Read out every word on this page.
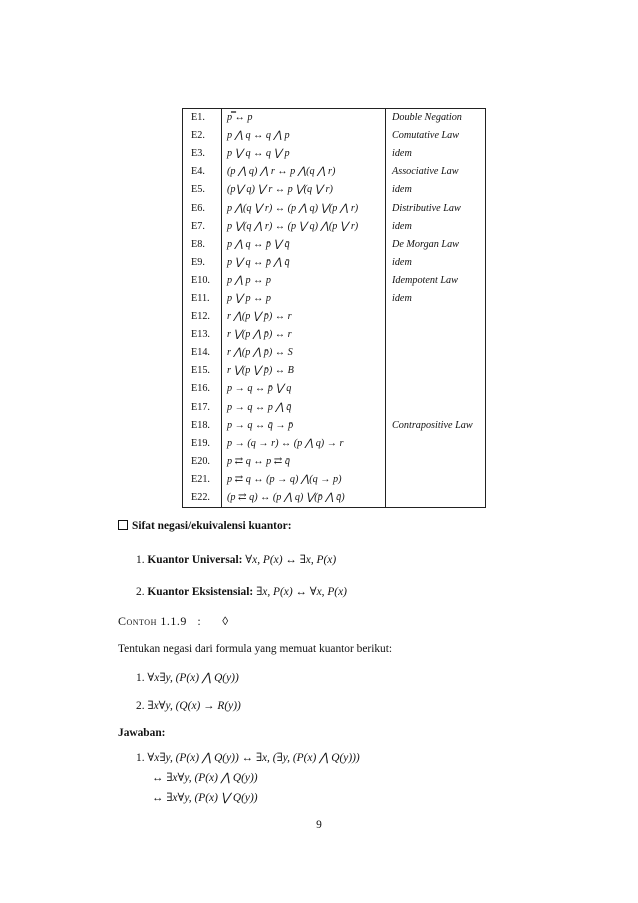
E1.	p̿ ↔ p	Double Negation
E2.	p ⋀ q ↔ q ⋀ p	Comutative Law
E3.	p ⋁ q ↔ q ⋁ p	idem
E4.	(p ⋀ q) ⋀ r ↔ p ⋀(q ⋀ r)	Associative Law
E5.	(p⋁ q) ⋁ r ↔ p ⋁(q ⋁ r)	idem
E6.	p ⋀(q ⋁ r) ↔ (p ⋀ q) ⋁(p ⋀ r)	Distributive Law
E7.	p ⋁(q ⋀ r) ↔ (p ⋁ q) ⋀(p ⋁ r)	idem
E8.	p ⋀ q ↔ p̄ ⋁ q̄	De Morgan Law
E9.	p ⋁ q ↔ p̄ ⋀ q̄	idem
E10.	p ⋀ p ↔ p	Idempotent Law
E11.	p ⋁ p ↔ p	idem
E12.	r ⋀(p ⋁ p̄) ↔ r	
E13.	r ⋁(p ⋀ p̄) ↔ r	
E14.	r ⋀(p ⋀ p̄) ↔ S	
E15.	r ⋁(p ⋁ p̄) ↔ B	
E16.	p → q ↔ p̄ ⋁ q	
E17.	p → q ↔ p ⋀ q̄	
E18.	p → q ↔ q̄ → p̄	Contrapositive Law
E19.	p → (q → r) ↔ (p ⋀ q) → r	
E20.	p ⇄ q ↔ p ⇄ q̄	
E21.	p ⇄ q ↔ (p → q) ⋀(q → p)	
E22.	(p ⇄ q) ↔ (p ⋀ q) ⋁(p̄ ⋀ q̄)	
Sifat negasi/ekuivalensi kuantor:
1. Kuantor Universal: ∀x, P(x) ↔ ∃x, P(x)
2. Kuantor Eksistensial: ∃x, P(x) ↔ ∀x, P(x)
Contoh 1.1.9 : ◊
Tentukan negasi dari formula yang memuat kuantor berikut:
1. ∀x∃y, (P(x) ⋀ Q(y))
2. ∃x∀y, (Q(x) → R(y))
Jawaban:
1. ∀x∃y, (P(x) ⋀ Q(y)) ↔ ∃x, (∃y, (P(x) ⋀ Q(y)))
↔ ∃x∀y, (P(x) ⋀ Q(y))
↔ ∃x∀y, (P(x) ⋁ Q(y))
9
